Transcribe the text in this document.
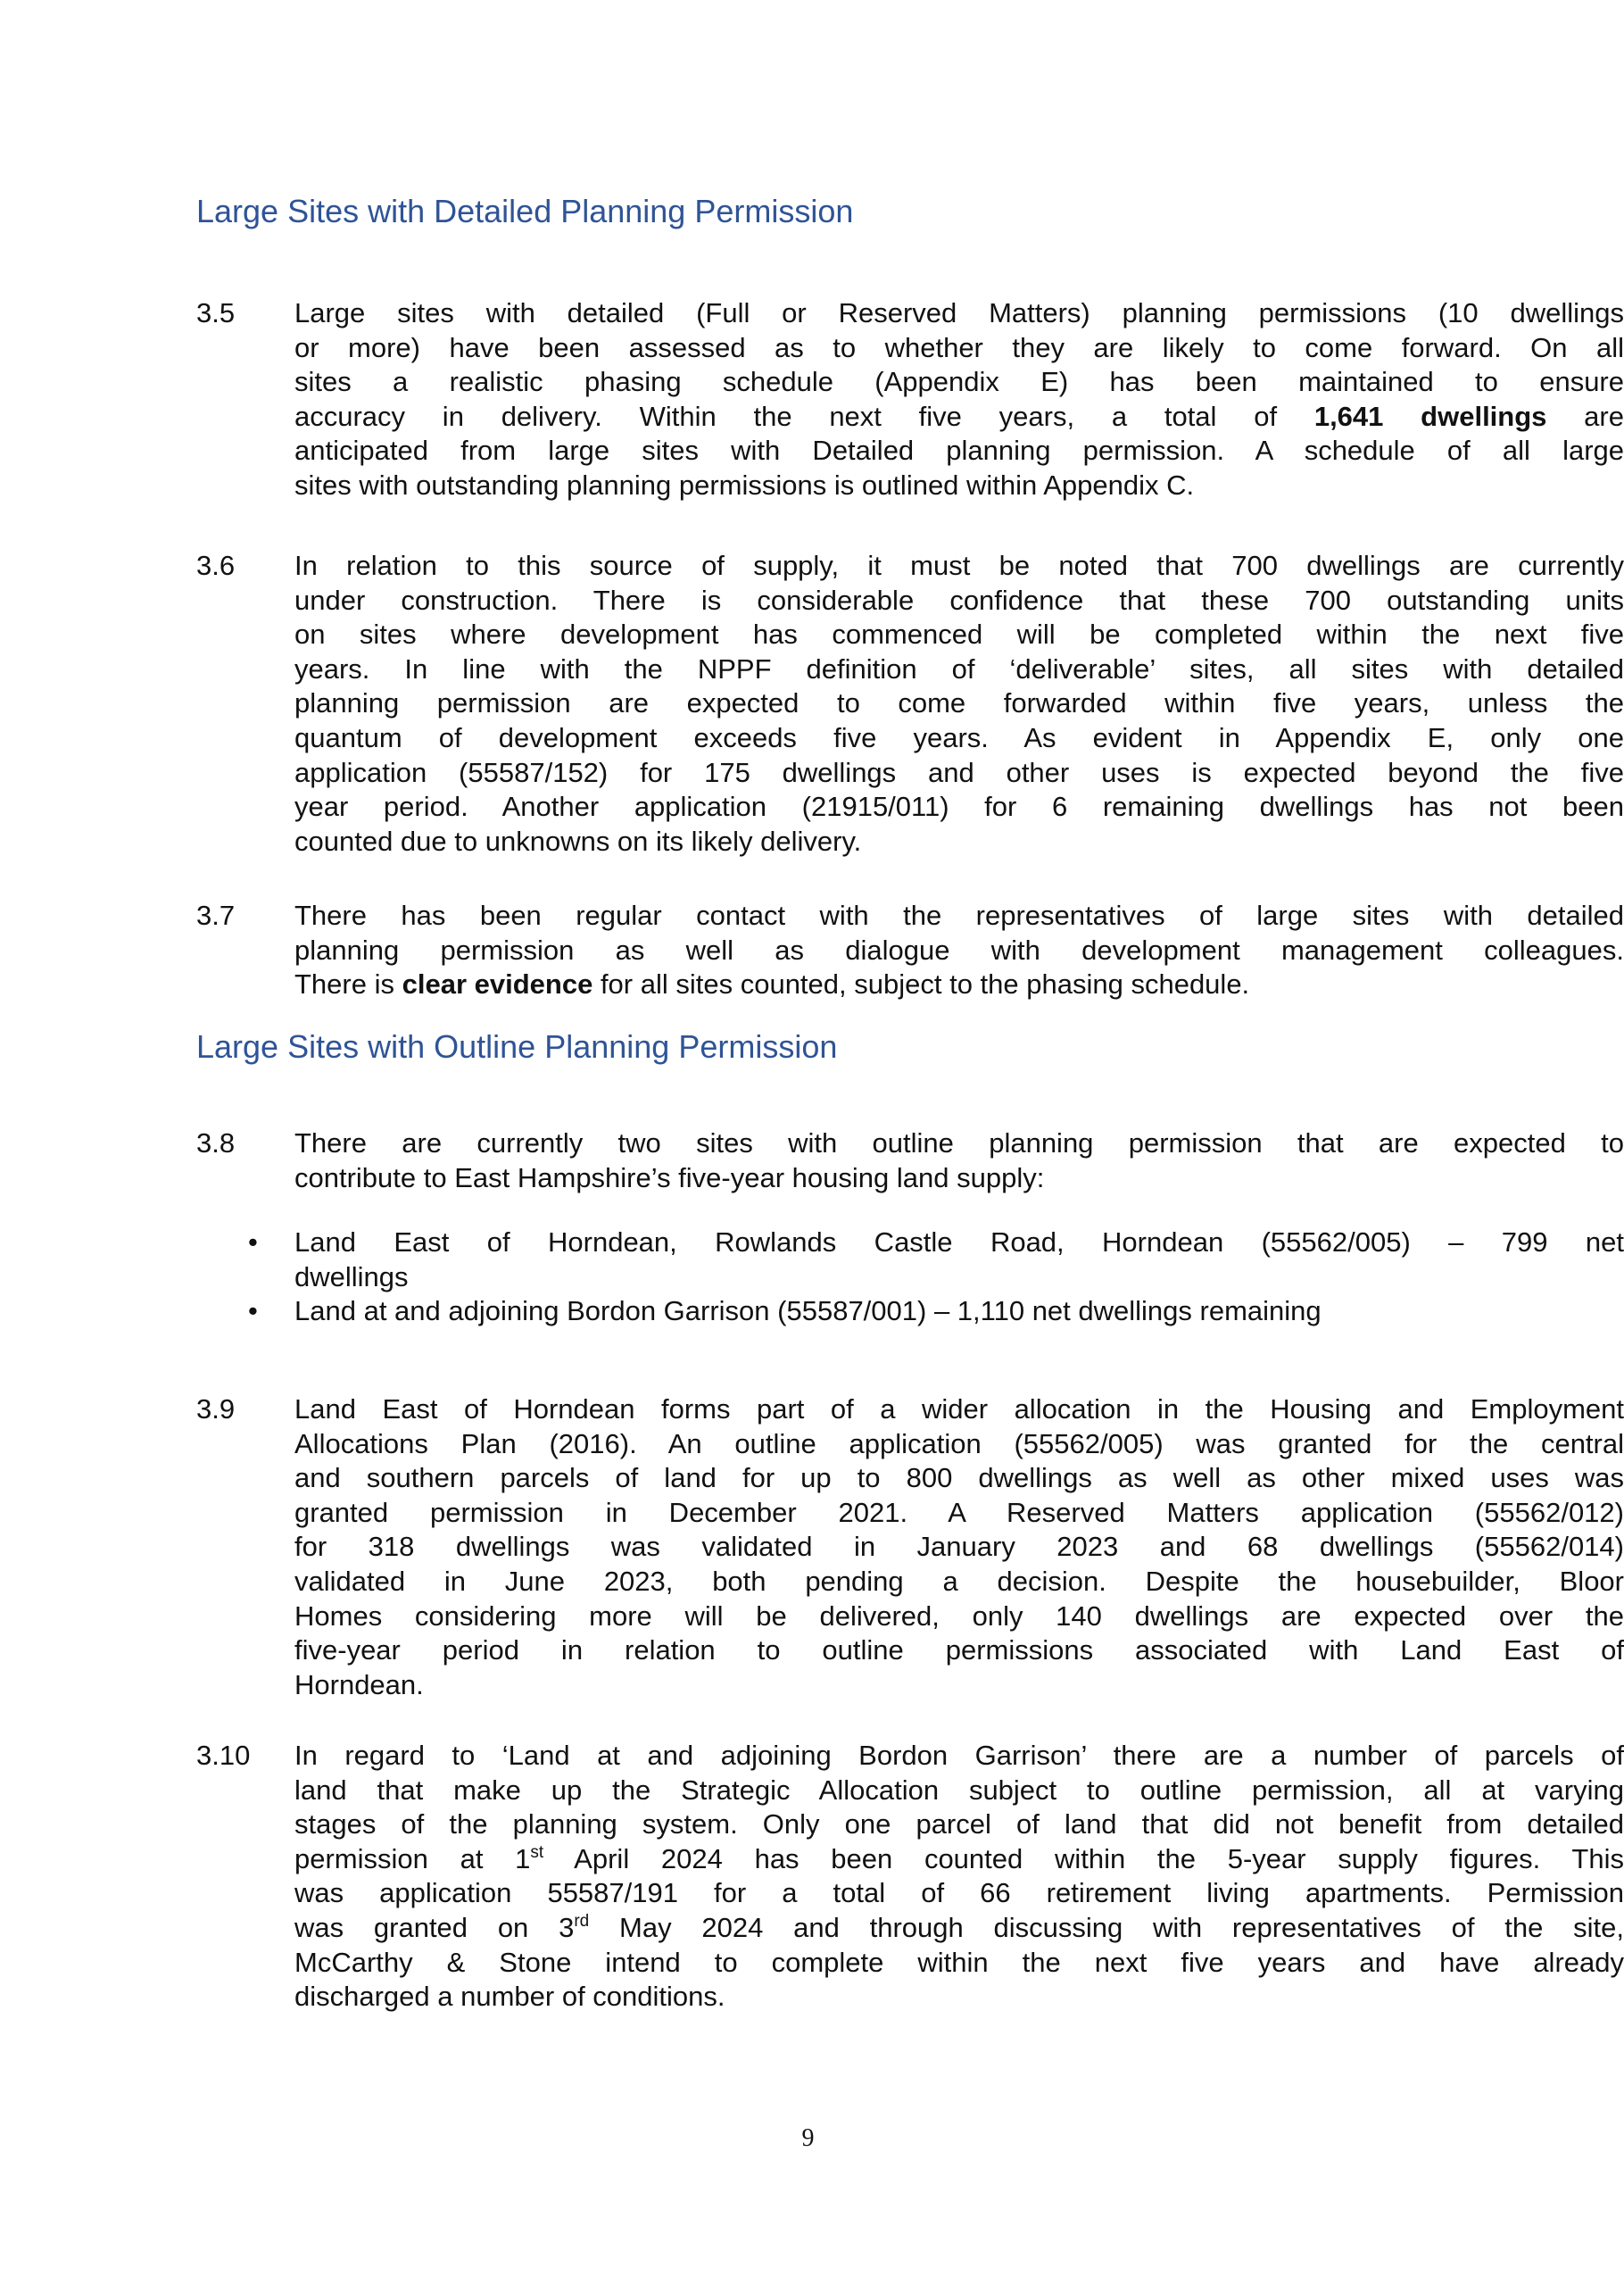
Large Sites with Detailed Planning Permission
3.5 Large sites with detailed (Full or Reserved Matters) planning permissions (10 dwellings
or more) have been assessed as to whether they are likely to come forward. On all
sites a realistic phasing schedule (Appendix E) has been maintained to ensure
accuracy in delivery. Within the next five years, a total of 1,641 dwellings are
anticipated from large sites with Detailed planning permission. A schedule of all large
sites with outstanding planning permissions is outlined within Appendix C.
3.6 In relation to this source of supply, it must be noted that 700 dwellings are currently
under construction. There is considerable confidence that these 700 outstanding units
on sites where development has commenced will be completed within the next five
years. In line with the NPPF definition of ‘deliverable’ sites, all sites with detailed
planning permission are expected to come forwarded within five years, unless the
quantum of development exceeds five years. As evident in Appendix E, only one
application (55587/152) for 175 dwellings and other uses is expected beyond the five
year period. Another application (21915/011) for 6 remaining dwellings has not been
counted due to unknowns on its likely delivery.
3.7 There has been regular contact with the representatives of large sites with detailed
planning permission as well as dialogue with development management colleagues.
There is clear evidence for all sites counted, subject to the phasing schedule.
Large Sites with Outline Planning Permission
3.8 There are currently two sites with outline planning permission that are expected to
contribute to East Hampshire’s five-year housing land supply:
• Land East of Horndean, Rowlands Castle Road, Horndean (55562/005) – 799 net
dwellings
• Land at and adjoining Bordon Garrison (55587/001) – 1,110 net dwellings remaining
3.9 Land East of Horndean forms part of a wider allocation in the Housing and Employment
Allocations Plan (2016). An outline application (55562/005) was granted for the central
and southern parcels of land for up to 800 dwellings as well as other mixed uses was
granted permission in December 2021. A Reserved Matters application (55562/012)
for 318 dwellings was validated in January 2023 and 68 dwellings (55562/014)
validated in June 2023, both pending a decision. Despite the housebuilder, Bloor
Homes considering more will be delivered, only 140 dwellings are expected over the
five-year period in relation to outline permissions associated with Land East of
Horndean.
3.10 In regard to ‘Land at and adjoining Bordon Garrison’ there are a number of parcels of
land that make up the Strategic Allocation subject to outline permission, all at varying
stages of the planning system. Only one parcel of land that did not benefit from detailed
permission at 1st April 2024 has been counted within the 5-year supply figures. This
was application 55587/191 for a total of 66 retirement living apartments. Permission
was granted on 3rd May 2024 and through discussing with representatives of the site,
McCarthy & Stone intend to complete within the next five years and have already
discharged a number of conditions.
9
